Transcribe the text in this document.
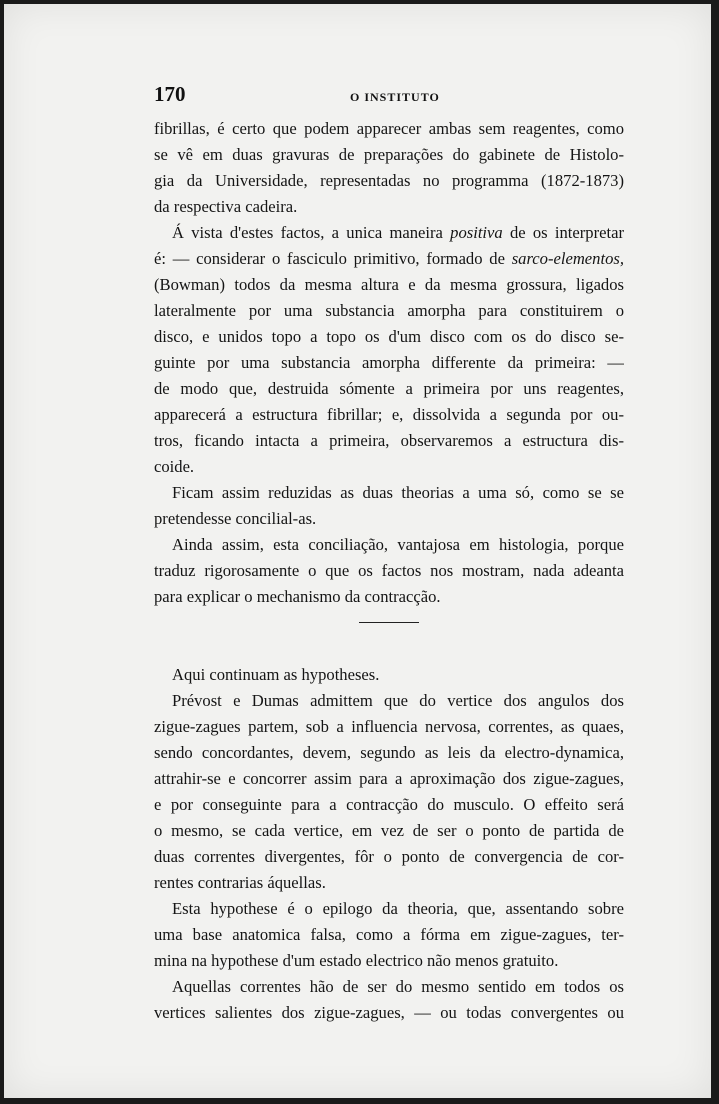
170	O INSTITUTO
fibrillas, é certo que podem apparecer ambas sem reagentes, como
se vê em duas gravuras de preparações do gabinete de Histolo-
gia da Universidade, representadas no programma (1872-1873)
da respectiva cadeira.
Á vista d'estes factos, a unica maneira positiva de os interpretar
é: — considerar o fasciculo primitivo, formado de sarco-elementos,
(Bowman) todos da mesma altura e da mesma grossura, ligados
lateralmente por uma substancia amorpha para constituirem o
disco, e unidos topo a topo os d'um disco com os do disco se-
guinte por uma substancia amorpha differente da primeira: —
de modo que, destruida sómente a primeira por uns reagentes,
apparecerá a estructura fibrillar; e, dissolvida a segunda por ou-
tros, ficando intacta a primeira, observaremos a estructura dis-
coide.
Ficam assim reduzidas as duas theorias a uma só, como se se
pretendesse concilial-as.
Ainda assim, esta conciliação, vantajosa em histologia, porque
traduz rigorosamente o que os factos nos mostram, nada adeanta
para explicar o mechanismo da contracção.
Aqui continuam as hypotheses.
Prévost e Dumas admittem que do vertice dos angulos dos
zigue-zagues partem, sob a influencia nervosa, correntes, as quaes,
sendo concordantes, devem, segundo as leis da electro-dynamica,
attrahir-se e concorrer assim para a aproximação dos zigue-zagues,
e por conseguinte para a contracção do musculo. O effeito será
o mesmo, se cada vertice, em vez de ser o ponto de partida de
duas correntes divergentes, fôr o ponto de convergencia de cor-
rentes contrarias áquellas.
Esta hypothese é o epilogo da theoria, que, assentando sobre
uma base anatomica falsa, como a fórma em zigue-zagues, ter-
mina na hypothese d'um estado electrico não menos gratuito.
Aquellas correntes hão de ser do mesmo sentido em todos os
vertices salientes dos zigue-zagues, — ou todas convergentes ou
